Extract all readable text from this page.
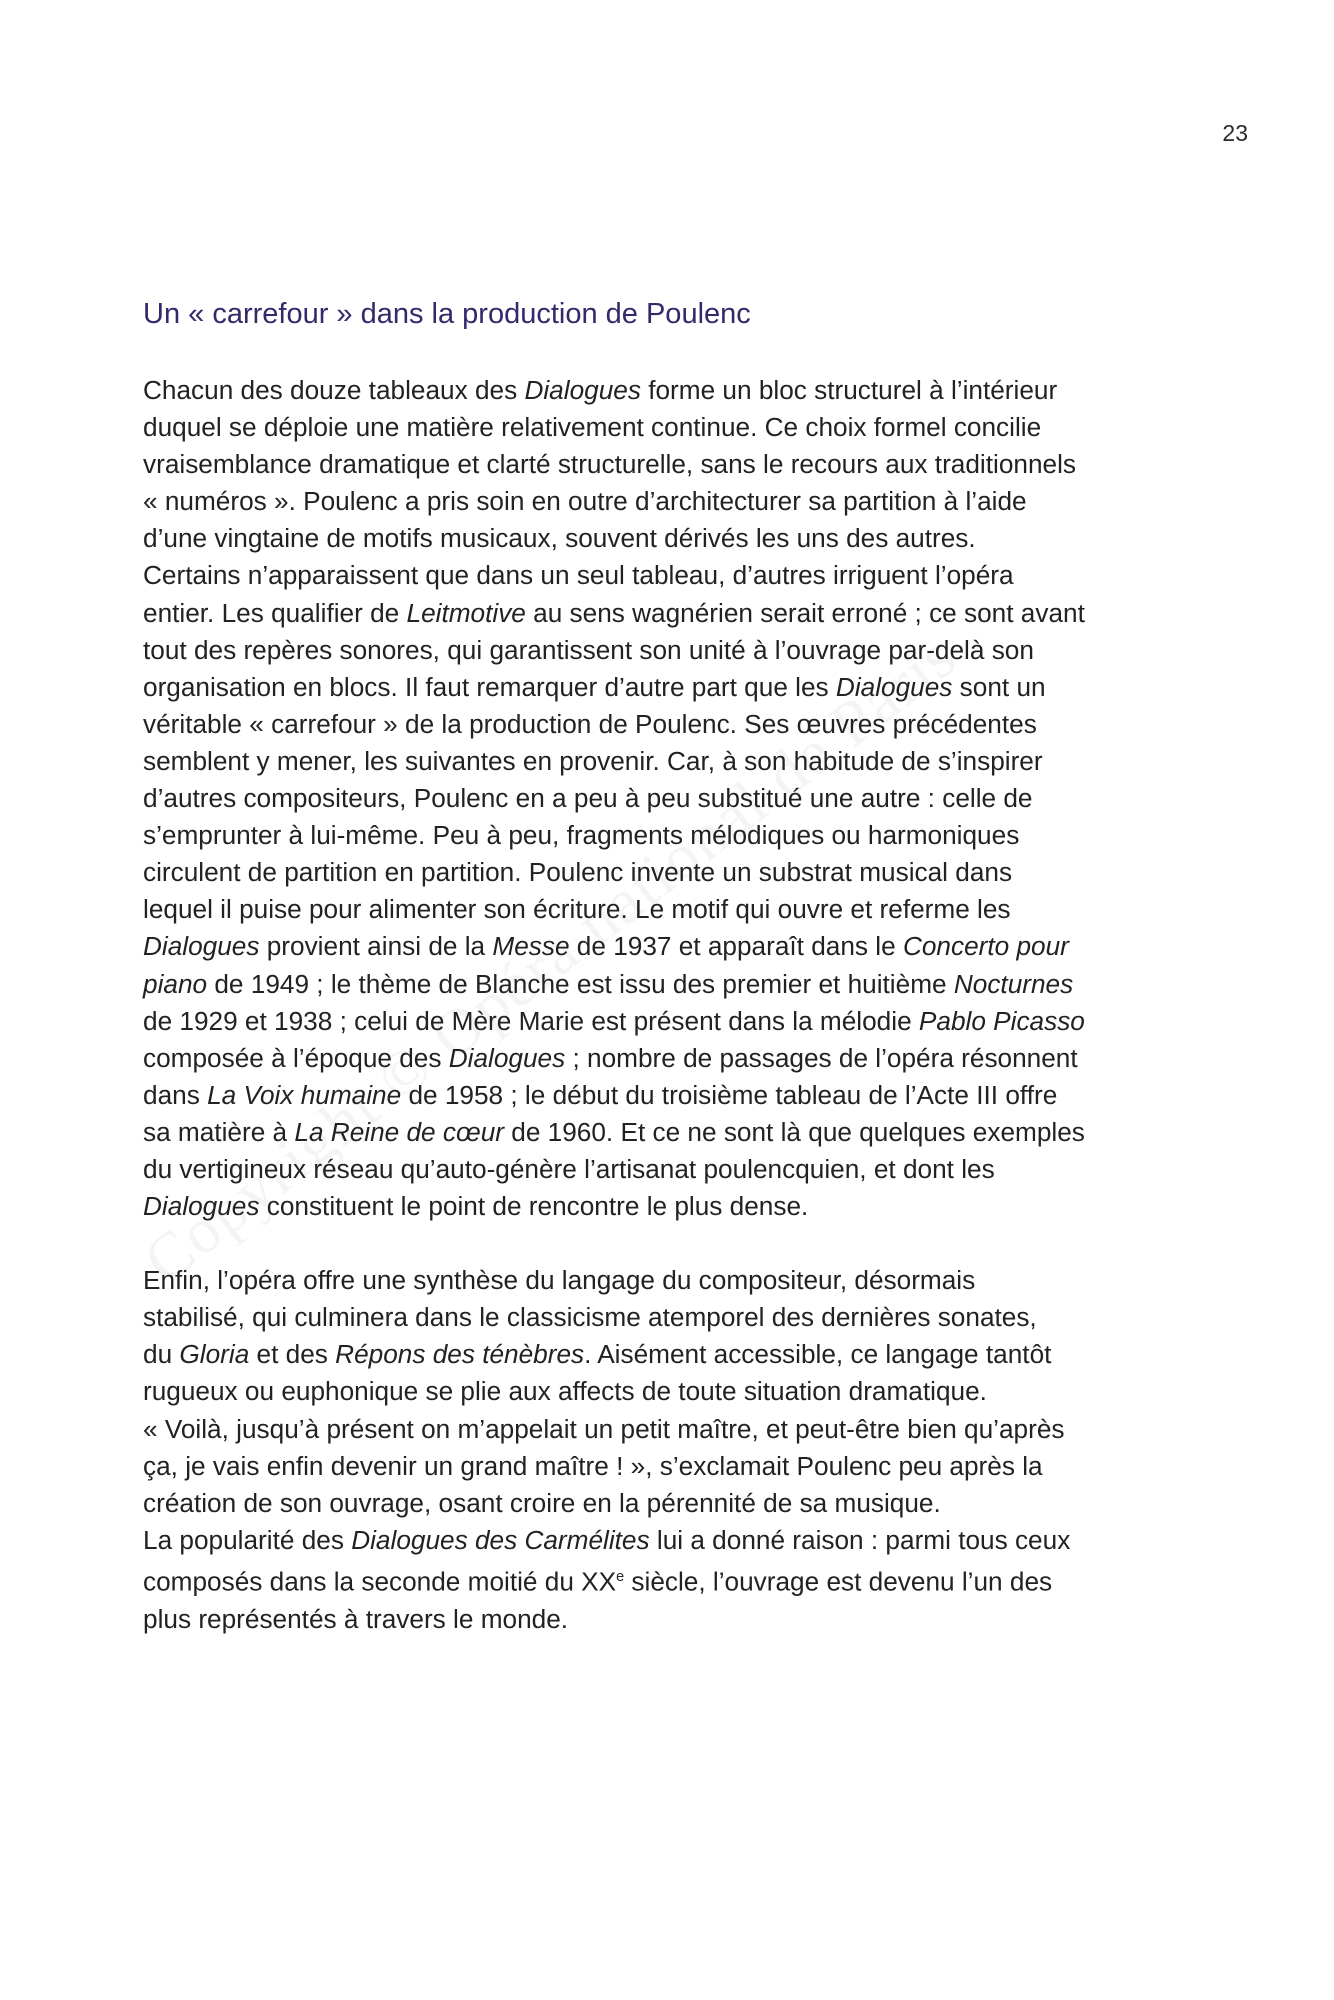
23
Un « carrefour » dans la production de Poulenc

Chacun des douze tableaux des Dialogues forme un bloc structurel à l’intérieur
duquel se déploie une matière relativement continue. Ce choix formel concilie
vraisemblance dramatique et clarté structurelle, sans le recours aux traditionnels
« numéros ». Poulenc a pris soin en outre d’architecturer sa partition à l’aide
d’une vingtaine de motifs musicaux, souvent dérivés les uns des autres.
Certains n’apparaissent que dans un seul tableau, d’autres irriguent l’opéra
entier. Les qualifier de Leitmotive au sens wagnérien serait erroné ; ce sont avant
tout des repères sonores, qui garantissent son unité à l’ouvrage par-delà son
organisation en blocs. Il faut remarquer d’autre part que les Dialogues sont un
véritable « carrefour » de la production de Poulenc. Ses œuvres précédentes
semblent y mener, les suivantes en provenir. Car, à son habitude de s’inspirer
d’autres compositeurs, Poulenc en a peu à peu substitué une autre : celle de
s’emprunter à lui-même. Peu à peu, fragments mélodiques ou harmoniques
circulent de partition en partition. Poulenc invente un substrat musical dans
lequel il puise pour alimenter son écriture. Le motif qui ouvre et referme les
Dialogues provient ainsi de la Messe de 1937 et apparaît dans le Concerto pour
piano de 1949 ; le thème de Blanche est issu des premier et huitième Nocturnes
de 1929 et 1938 ; celui de Mère Marie est présent dans la mélodie Pablo Picasso
composée à l’époque des Dialogues ; nombre de passages de l’opéra résonnent
dans La Voix humaine de 1958 ; le début du troisième tableau de l’Acte III offre
sa matière à La Reine de cœur de 1960. Et ce ne sont là que quelques exemples
du vertigineux réseau qu’auto-génère l’artisanat poulencquien, et dont les
Dialogues constituent le point de rencontre le plus dense.

Enfin, l’opéra offre une synthèse du langage du compositeur, désormais
stabilisé, qui culminera dans le classicisme atemporel des dernières sonates,
du Gloria et des Répons des ténèbres. Aisément accessible, ce langage tantôt
rugueux ou euphonique se plie aux affects de toute situation dramatique.
« Voilà, jusqu’à présent on m’appelait un petit maître, et peut-être bien qu’après
ça, je vais enfin devenir un grand maître ! », s’exclamait Poulenc peu après la
création de son ouvrage, osant croire en la pérennité de sa musique.
La popularité des Dialogues des Carmélites lui a donné raison : parmi tous ceux
composés dans la seconde moitié du XXe siècle, l’ouvrage est devenu l’un des
plus représentés à travers le monde.
